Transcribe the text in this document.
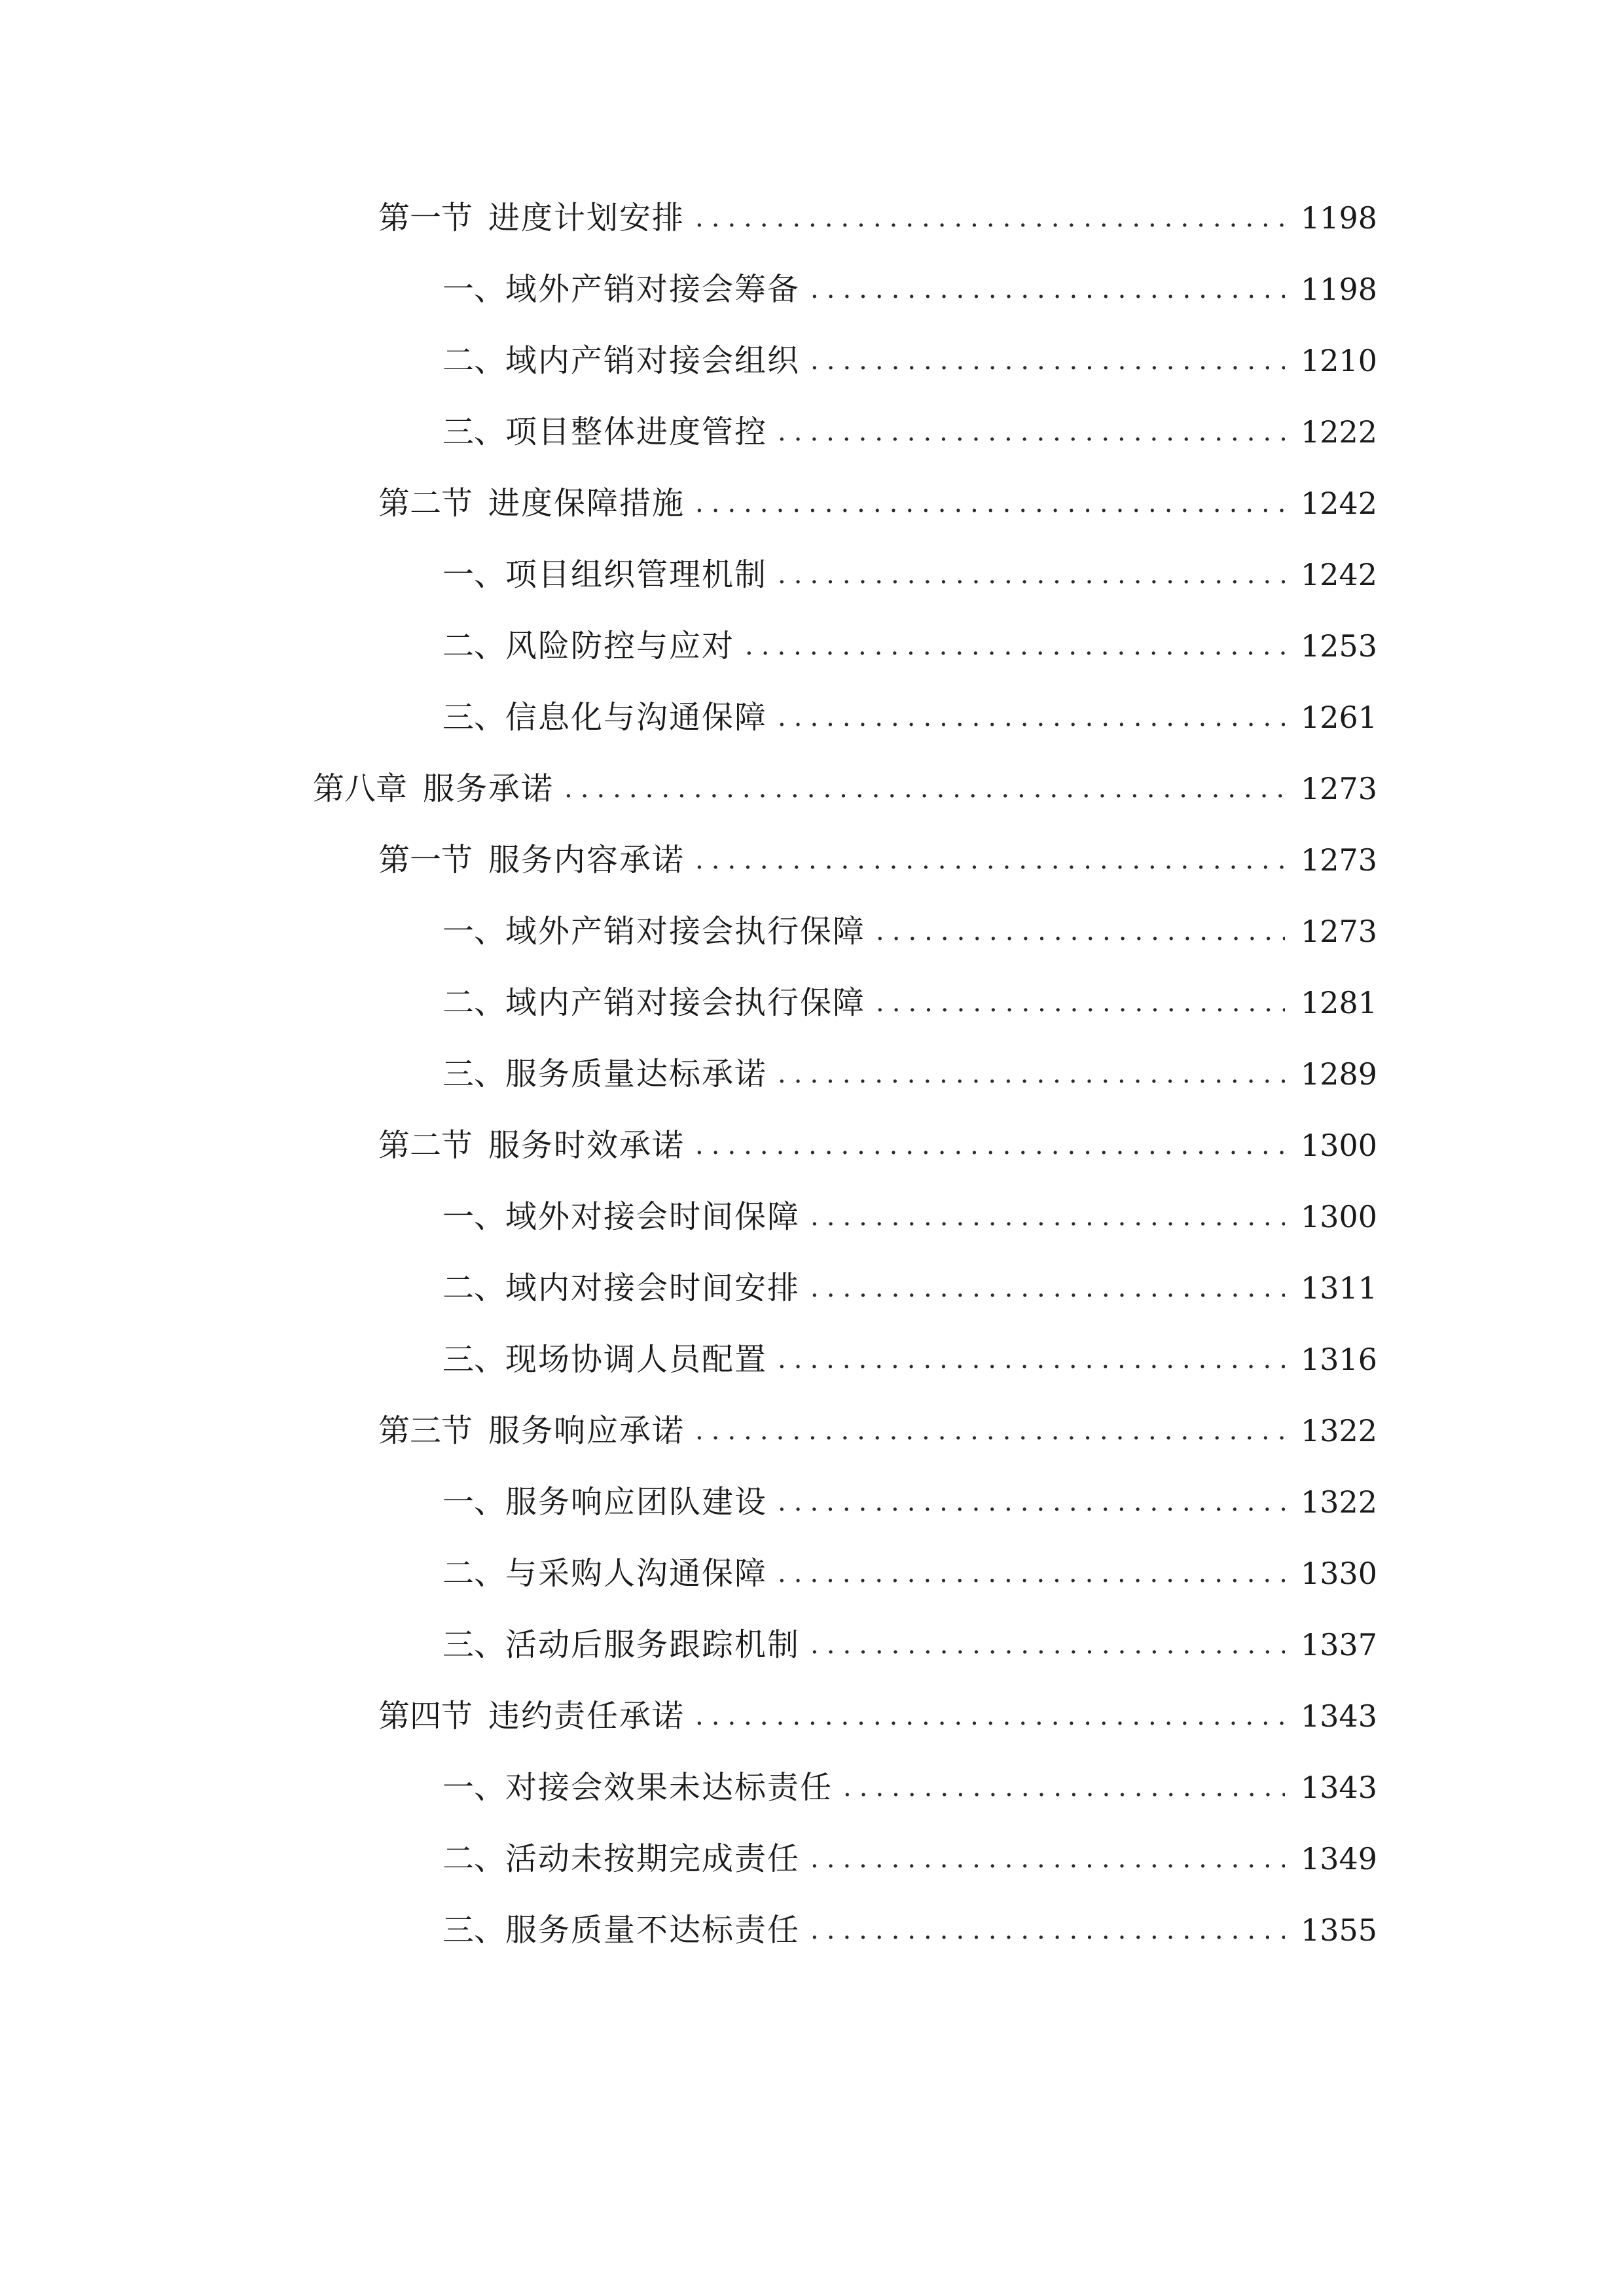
第一节 进度计划安排 .....	1198
一、 域外产销对接会筹备 .....	1198
二、 域内产销对接会组织 .....	1210
三、 项目整体进度管控 .....	1222
第二节 进度保障措施 .....	1242
一、 项目组织管理机制 .....	1242
二、 风险防控与应对 .....	1253
三、 信息化与沟通保障 .....	1261
第八章 服务承诺 .....	1273
第一节 服务内容承诺 .....	1273
一、 域外产销对接会执行保障 .....	1273
二、 域内产销对接会执行保障 .....	1281
三、 服务质量达标承诺 .....	1289
第二节 服务时效承诺 .....	1300
一、 域外对接会时间保障 .....	1300
二、 域内对接会时间安排 .....	1311
三、 现场协调人员配置 .....	1316
第三节 服务响应承诺 .....	1322
一、 服务响应团队建设 .....	1322
二、 与采购人沟通保障 .....	1330
三、 活动后服务跟踪机制 .....	1337
第四节 违约责任承诺 .....	1343
一、 对接会效果未达标责任 .....	1343
二、 活动未按期完成责任 .....	1349
三、 服务质量不达标责任 .....	1355
